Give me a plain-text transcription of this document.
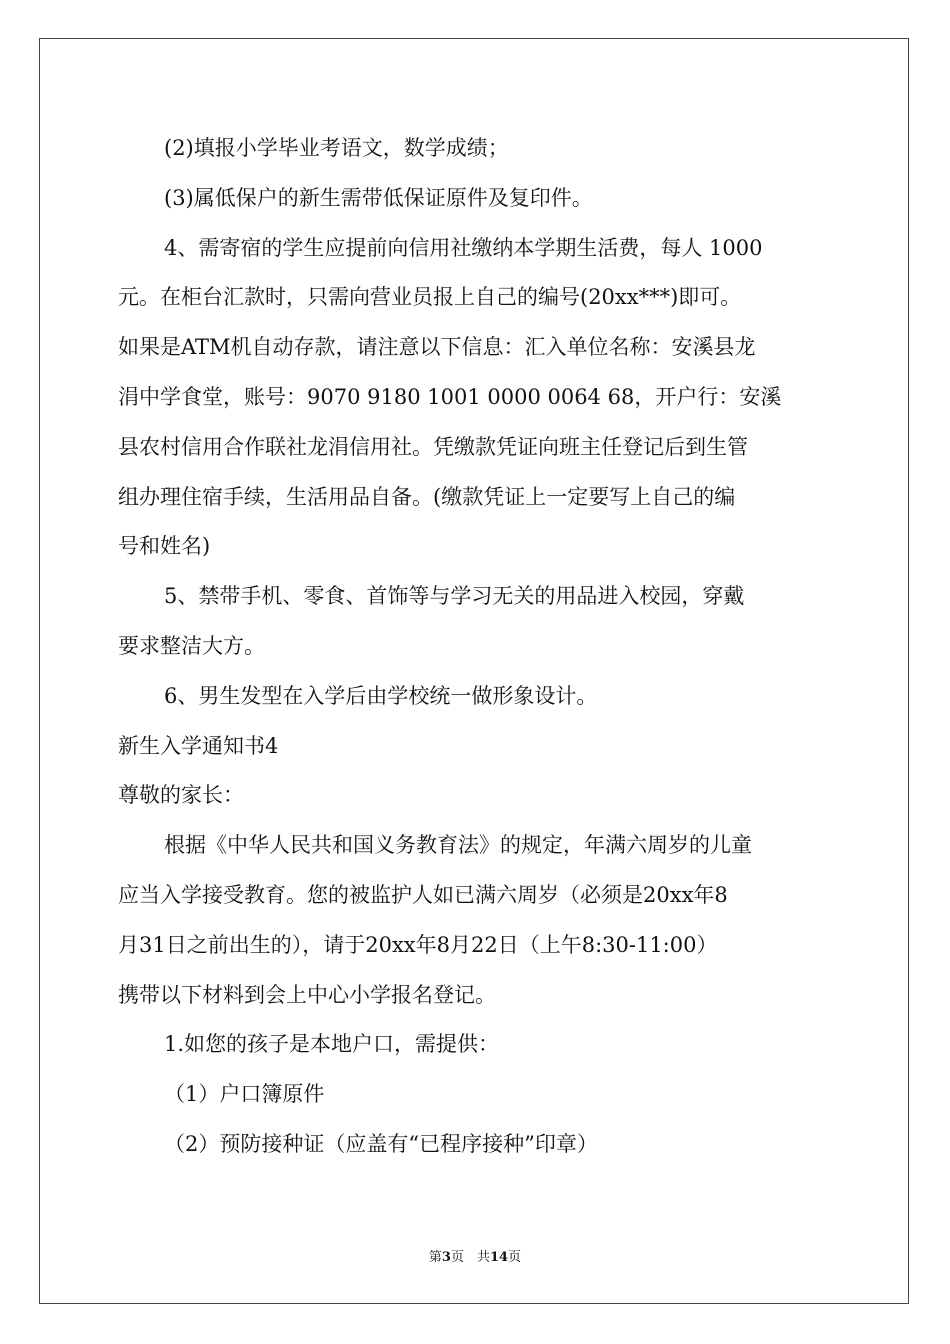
(2)填报小学毕业考语文，数学成绩；
(3)属低保户的新生需带低保证原件及复印件。
4、需寄宿的学生应提前向信用社缴纳本学期生活费，每人 1000
元。在柜台汇款时，只需向营业员报上自己的编号(20xx***)即可。
如果是ATM机自动存款，请注意以下信息：汇入单位名称：安溪县龙
涓中学食堂，账号：9070 9180 1001 0000 0064 68，开户行：安溪
县农村信用合作联社龙涓信用社。凭缴款凭证向班主任登记后到生管
组办理住宿手续，生活用品自备。(缴款凭证上一定要写上自己的编
号和姓名)
5、禁带手机、零食、首饰等与学习无关的用品进入校园，穿戴
要求整洁大方。
6、男生发型在入学后由学校统一做形象设计。
新生入学通知书4
尊敬的家长：
根据《中华人民共和国义务教育法》的规定，年满六周岁的儿童
应当入学接受教育。您的被监护人如已满六周岁（必须是20xx年8
月31日之前出生的），请于20xx年8月22日（上午8:30-11:00）
携带以下材料到会上中心小学报名登记。
1.如您的孩子是本地户口，需提供：
（1）户口簿原件
（2）预防接种证（应盖有“已程序接种”印章）
第3页　共14页
